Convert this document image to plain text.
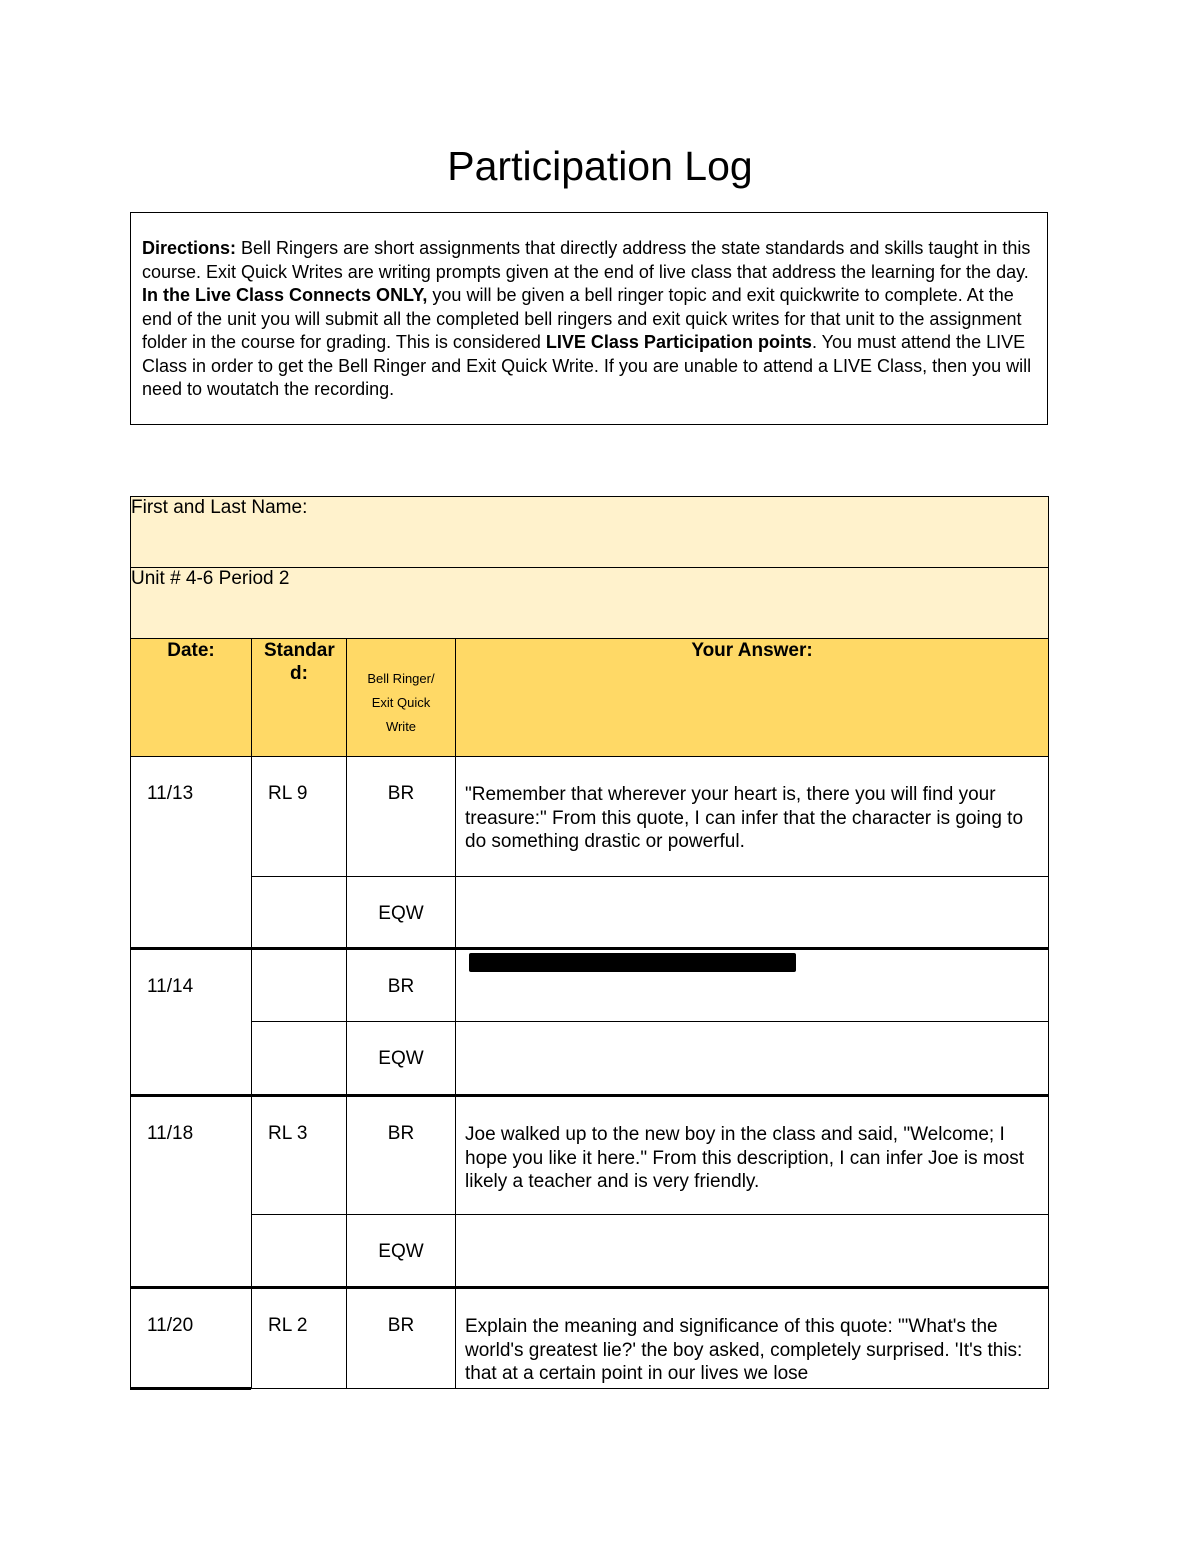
Participation Log
Directions: Bell Ringers are short assignments that directly address the state standards and skills taught in this course. Exit Quick Writes are writing prompts given at the end of live class that address the learning for the day. In the Live Class Connects ONLY, you will be given a bell ringer topic and exit quickwrite to complete. At the end of the unit you will submit all the completed bell ringers and exit quick writes for that unit to the assignment folder in the course for grading. This is considered LIVE Class Participation points. You must attend the LIVE Class in order to get the Bell Ringer and Exit Quick Write. If you are unable to attend a LIVE Class, then you will need to woutatch the recording.
First and Last Name:			
Unit # 4-6 Period 2			
Date:	Standar d:	Bell Ringer/ Exit Quick Write	Your Answer:
11/13	RL 9	BR	"Remember that wherever your heart is, there you will find your treasure:" From this quote, I can infer that the character is going to do something drastic or powerful.
		EQW	
11/14		BR	
		EQW	
11/18	RL 3	BR	Joe walked up to the new boy in the class and said, "Welcome; I hope you like it here." From this description, I can infer Joe is most likely a teacher and is very friendly.
		EQW	
11/20	RL 2	BR	Explain the meaning and significance of this quote: "'What's the world's greatest lie?' the boy asked, completely surprised. 'It's this: that at a certain point in our lives we lose
